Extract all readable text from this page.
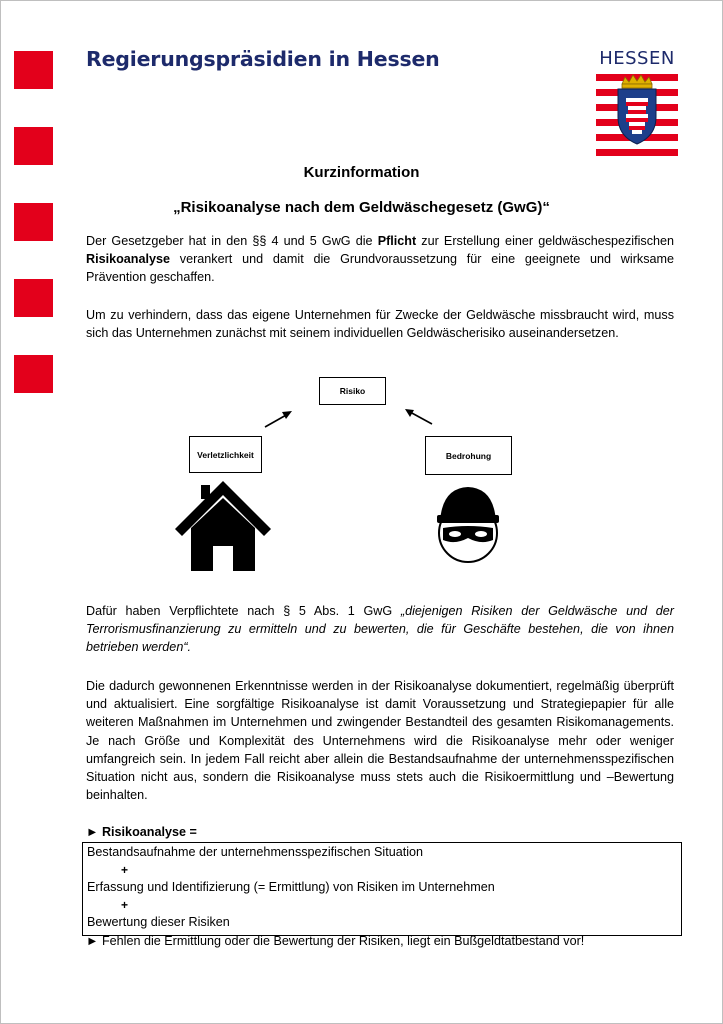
Regierungspräsidien in Hessen	HESSEN
Kurzinformation
„Risikoanalyse nach dem Geldwäschegesetz (GwG)“
Der Gesetzgeber hat in den §§ 4 und 5 GwG die Pflicht zur Erstellung einer geldwäschespezifischen Risikoanalyse verankert und damit die Grundvoraussetzung für eine geeignete und wirksame Prävention geschaffen.
Um zu verhindern, dass das eigene Unternehmen für Zwecke der Geldwäsche missbraucht wird, muss sich das Unternehmen zunächst mit seinem individuellen Geldwäscherisiko auseinandersetzen.
Risiko
Verletzlichkeit	Bedrohung
Dafür haben Verpflichtete nach § 5 Abs. 1 GwG „diejenigen Risiken der Geldwäsche und der Terrorismusfinanzierung zu ermitteln und zu bewerten, die für Geschäfte bestehen, die von ihnen betrieben werden“.
Die dadurch gewonnenen Erkenntnisse werden in der Risikoanalyse dokumentiert, regelmäßig überprüft und aktualisiert. Eine sorgfältige Risikoanalyse ist damit Voraussetzung und Strategiepapier für alle weiteren Maßnahmen im Unternehmen und zwingender Bestandteil des gesamten Risikomanagements. Je nach Größe und Komplexität des Unternehmens wird die Risikoanalyse mehr oder weniger umfangreich sein. In jedem Fall reicht aber allein die Bestandsaufnahme der unternehmensspezifischen Situation nicht aus, sondern die Risikoanalyse muss stets auch die Risikoermittlung und –Bewertung beinhalten.
► Risikoanalyse =
Bestandsaufnahme der unternehmensspezifischen Situation
+
Erfassung und Identifizierung (= Ermittlung) von Risiken im Unternehmen
+
Bewertung dieser Risiken
► Fehlen die Ermittlung oder die Bewertung der Risiken, liegt ein Bußgeldtatbestand vor!
